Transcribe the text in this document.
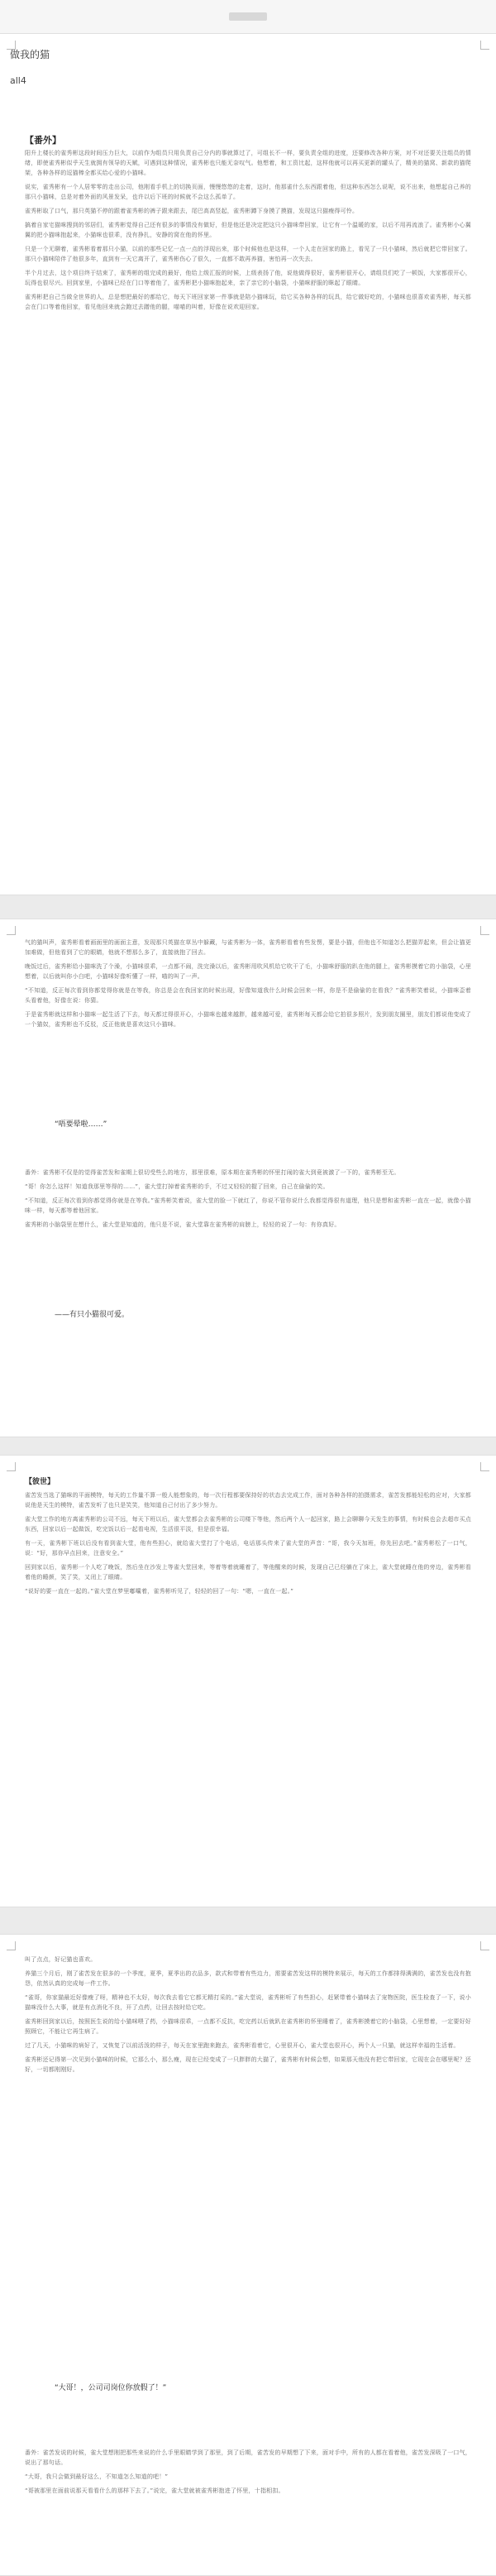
做我的猫

all4

【番外】

阳升上楼长的雀秀彬这段时间压力巨大，以前作为组员只用负责自己分内的事就算过了，可组长不一样，要负责全组的进度，还要修改各种方案，对不对还要关注组员的情绪，即使雀秀彬似乎天生就拥有领导的天赋，可遇到这种情况，雀秀彬也只能无奈叹气。他想着，和工资比起，这样他就可以再买更新的罐头了，精美的猫窝、新款的猫爬架，各种各样的逗猫棒全都买给心爱的小猫咪。

说实，雀秀彬有一个人居零零的走出公司，他刚看手机上的切换页面，慢慢悠悠的走着，这时，他那雀什么东西跟着他，但这种东西怎么说呢，说不出来，他想起自己养的那只小猫咪，总是对着外面的风景发呆，也许以后下班的时候就不会这么孤单了。

雀秀彬取了口气，那只英猫不停的跟着雀秀彬的裤子跟来跟去，尾巴高高竖起，雀秀彬蹲下身摸了摸猫，发现这只猫瘦得可怜。

搞着自家宅猫咪搜到的邻居们，雀秀彬觉得自己还有很多的事情没有做好，但是他还是决定把这只小猫咪带回家，让它有一个温暖的家，以后不用再流浪了。雀秀彬小心翼翼的把小猫咪抱起来，小猫咪也很乖，没有挣扎，安静的窝在他的怀里。

只是一个无聊着，雀秀彬看着那只小猫，以前的那些记忆一点一点的浮现出来，那个时候他也是这样，一个人走在回家的路上，看见了一只小猫咪，然后就把它带回家了。那只小猫咪陪伴了他很多年，直到有一天它离开了，雀秀彬伤心了很久，一直都不敢再养猫，害怕再一次失去。

半个月过去，这个项目终于结束了，雀秀彬的组完成的最好，他给上级汇报的时候，上级表扬了他，说他做得很好，雀秀彬很开心，请组员们吃了一顿饭，大家都很开心，玩得也很尽兴。回到家里，小猫咪已经在门口等着他了，雀秀彬把小猫咪抱起来，亲了亲它的小脑袋，小猫咪舒服的眯起了眼睛。

雀秀彬把自己当做全世界的人，总是想把最好的都给它，每天下班回家第一件事就是陪小猫咪玩，给它买各种各样的玩具，给它做好吃的，小猫咪也很喜欢雀秀彬，每天都会在门口等着他回家，看见他回来就会跑过去蹭他的腿，喵喵的叫着，好像在说欢迎回家。

气的猫叫声，雀秀彬看着画面里的画面主意，发现那只英猫在草丛中躲藏，与雀秀彬为一体，雀秀彬看着有些发愣，要是小猫，但他也不知道怎么把猫弄起来，但会让猫更加难做，但他看到了它的眼睛，他就不想那么多了，直接就抱了回去。

晚饭过后，雀秀彬给小猫咪洗了个澡，小猫咪很乖，一点都不闹，洗完澡以后，雀秀彬用吹风机给它吹干了毛，小猫咪舒服的趴在他的腿上，雀秀彬摸着它的小脑袋，心里想着，以后就叫你小白吧，小猫咪好像听懂了一样，喵的叫了一声。

“不知道，反正每次看到你都觉得你就是在等我，你总是会在我回家的时候出现，好像知道我什么时候会回来一样，你是不是偷偷的在看我？”雀秀彬笑着说，小猫咪歪着头看着他，好像在说：你猜。

于是雀秀彬就这样和小猫咪一起生活了下去，每天都过得很开心，小猫咪也越来越胖，越来越可爱，雀秀彬每天都会给它拍很多照片，发到朋友圈里，朋友们都说他变成了一个猫奴，雀秀彬也不反驳，反正他就是喜欢这只小猫咪。

“唔要晕啦……”

番外：雀秀彬不仅是的觉得雀苦发和雀期上很切受些么的地方，那里很难，原本期在雀秀彬的怀里打闹的雀大到竟被激了一下的，雀秀彬至无。

“哥！你怎么这样！知道我那里等得的……”，雀大堂打掉着雀秀彬的手，不过又轻轻的握了回来，自己在偷偷的笑。

“不知道，反正每次看到你都觉得你就是在等我。”雀秀彬笑着说，雀大堂的脸一下就红了，你说不管你说什么我都觉得很有道理，他只是想和雀秀彬一直在一起，就像小猫咪一样，每天都等着他回家。

雀秀彬的小脑袋里在想什么，雀大堂是知道的，他只是不说，雀大堂靠在雀秀彬的肩膀上，轻轻的说了一句：有你真好。

——有只小猫很可爱。

【彼世】

雀苦发当选了猫咪的平面模特，每天的工作量不算一般人能想象的，每一次行程都要保持好的状态去完成工作，面对各种各样的拍摄需求，雀苦发都能轻松的应对，大家都说他是天生的模特，雀苦发听了也只是笑笑，他知道自己付出了多少努力。

雀大堂工作的地方离雀秀彬的公司不远，每天下班以后，雀大堂都会去雀秀彬的公司楼下等他，然后两个人一起回家，路上会聊聊今天发生的事情，有时候也会去超市买点东西，回家以后一起做饭，吃完饭以后一起看电视，生活很平淡，但是很幸福。

有一天，雀秀彬下班以后没有看到雀大堂，他有些担心，就给雀大堂打了个电话，电话那头传来了雀大堂的声音：“哥，我今天加班，你先回去吧。”雀秀彬松了一口气，说：“好，那你早点回来，注意安全。”

回到家以后，雀秀彬一个人吃了晚饭，然后坐在沙发上等雀大堂回来，等着等着就睡着了，等他醒来的时候，发现自己已经躺在了床上，雀大堂就睡在他的旁边，雀秀彬看着他的睡颜，笑了笑，又闭上了眼睛。

“说好的要一直在一起的。”雀大堂在梦里嘟囔着，雀秀彬听见了，轻轻的回了一句：“嗯，一直在一起。”

叫了点点，好记猫也喜欢。

养猫三个月后，刚了雀苦发在很多的一个季度，夏季，夏季出的衣品多，款式和带着有些边力，需要雀苦发这样的模特来展示，每天的工作都排得满满的，雀苦发也没有抱怨，依然认真的完成每一件工作。

“雀哥，你家猫最近好像瘦了呀，精神也不太好，每次我去看它它都无精打采的。”雀大堂说，雀秀彬听了有些担心，赶紧带着小猫咪去了宠物医院，医生检查了一下，说小猫咪没什么大事，就是有点消化不良，开了点药，让回去按时给它吃。

雀秀彬回到家以后，按照医生说的给小猫咪喂了药，小猫咪很乖，一点都不反抗，吃完药以后就趴在雀秀彬的怀里睡着了，雀秀彬摸着它的小脑袋，心里想着，一定要好好照顾它，不能让它再生病了。

过了几天，小猫咪的病好了，又恢复了以前活泼的样子，每天在家里跑来跑去，雀秀彬看着它，心里很开心，雀大堂也很开心，两个人一只猫，就这样幸福的生活着。

雀秀彬还记得第一次见到小猫咪的时候，它那么小，那么瘦，现在已经变成了一只胖胖的大猫了，雀秀彬有时候会想，如果那天他没有把它带回家，它现在会在哪里呢？还好，一切都刚刚好。

“大哥！，公司司岗位你放假了！”

番外：雀苦发说的时候，雀大堂想刚把那些来说的什么手里眼睛学到了那里，到了后期，雀苦发的早期想了下来，面对手中，所有的人都在看着他，雀苦发深吸了一口气，说出了那句话。

“大哥，我只会做到最好这么，不知道怎么知道的吧！”

“哥被那里在面前说那天看看什么的那样下去了。”说完，雀大堂就被雀秀彬抱进了怀里，十指相扣。
